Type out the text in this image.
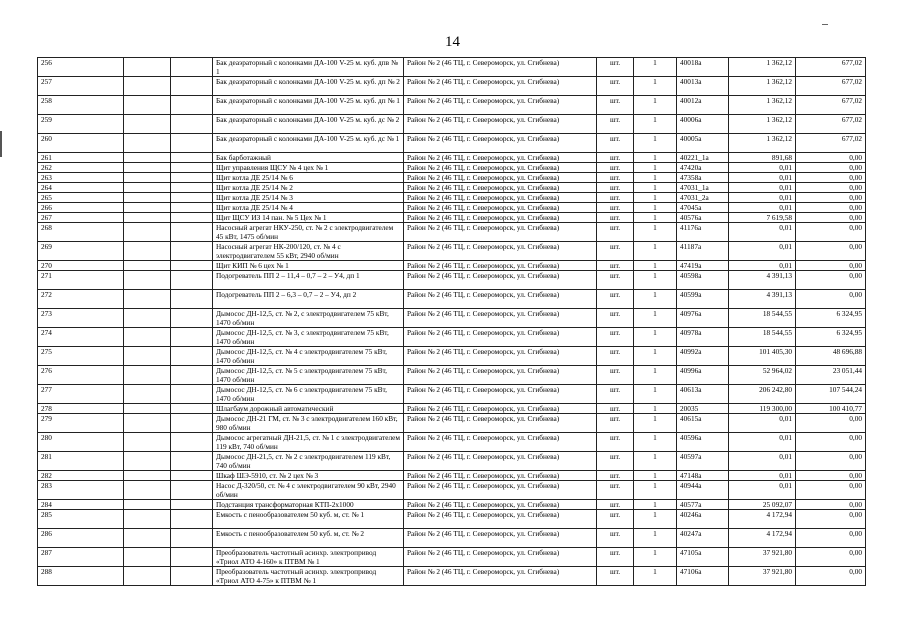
14
256			Бак деаэраторный с колонками ДА-100 V-25 м. куб. дпв № 1	Район № 2 (46 ТЦ, г. Североморск, ул. Сгибнева)	шт.	1	40018а	1 362,12	677,02
257			Бак деаэраторный с колонками ДА-100 V-25 м. куб. дп № 2	Район № 2 (46 ТЦ, г. Североморск, ул. Сгибнева)	шт.	1	40013а	1 362,12	677,02
258			Бак деаэраторный с колонками ДА-100 V-25 м. куб. дп № 1	Район № 2 (46 ТЦ, г. Североморск, ул. Сгибнева)	шт.	1	40012а	1 362,12	677,02
259			Бак деаэраторный с колонками ДА-100 V-25 м. куб. дс № 2	Район № 2 (46 ТЦ, г. Североморск, ул. Сгибнева)	шт.	1	40006а	1 362,12	677,02
260			Бак деаэраторный с колонками ДА-100 V-25 м. куб. дс № 1	Район № 2 (46 ТЦ, г. Североморск, ул. Сгибнева)	шт.	1	40005а	1 362,12	677,02
261			Бак барботажный	Район № 2 (46 ТЦ, г. Североморск, ул. Сгибнева)	шт.	1	40221_1а	891,68	0,00
262			Щит управления ЩСУ № 4 цех № 1	Район № 2 (46 ТЦ, г. Североморск, ул. Сгибнева)	шт.	1	47420а	0,01	0,00
263			Щит котла ДЕ 25/14 № 6	Район № 2 (46 ТЦ, г. Североморск, ул. Сгибнева)	шт.	1	47358а	0,01	0,00
264			Щит котла ДЕ 25/14 № 2	Район № 2 (46 ТЦ, г. Североморск, ул. Сгибнева)	шт.	1	47031_1а	0,01	0,00
265			Щит котла ДЕ 25/14 № 3	Район № 2 (46 ТЦ, г. Североморск, ул. Сгибнева)	шт.	1	47031_2а	0,01	0,00
266			Щит котла ДЕ 25/14 № 4	Район № 2 (46 ТЦ, г. Североморск, ул. Сгибнева)	шт.	1	47045а	0,01	0,00
267			Щит ЩСУ ИЗ 14 пан. № 5 Цех № 1	Район № 2 (46 ТЦ, г. Североморск, ул. Сгибнева)	шт.	1	40576а	7 619,58	0,00
268			Насосный агрегат НКУ-250, ст. № 2 с электродвигателем 45 кВт, 1475 об/мин	Район № 2 (46 ТЦ, г. Североморск, ул. Сгибнева)	шт.	1	41176а	0,01	0,00
269			Насосный агрегат НК-200/120, ст. № 4 с электродвигателем 55 кВт, 2940 об/мин	Район № 2 (46 ТЦ, г. Североморск, ул. Сгибнева)	шт.	1	41187а	0,01	0,00
270			Щит КИП № 6 цех № 1	Район № 2 (46 ТЦ, г. Североморск, ул. Сгибнева)	шт.	1	47419а	0,01	0,00
271			Подогреватель ПП 2 – 11,4 – 0,7 – 2 – У4, дп 1	Район № 2 (46 ТЦ, г. Североморск, ул. Сгибнева)	шт.	1	40598а	4 391,13	0,00
272			Подогреватель ПП 2 – 6,3 – 0,7 – 2 – У4, дп 2	Район № 2 (46 ТЦ, г. Североморск, ул. Сгибнева)	шт.	1	40599а	4 391,13	0,00
273			Дымосос ДН-12,5, ст. № 2, с электродвигателем 75 кВт, 1470 об/мин	Район № 2 (46 ТЦ, г. Североморск, ул. Сгибнева)	шт.	1	40976а	18 544,55	6 324,95
274			Дымосос ДН-12,5, ст. № 3, с электродвигателем 75 кВт, 1470 об/мин	Район № 2 (46 ТЦ, г. Североморск, ул. Сгибнева)	шт.	1	40978а	18 544,55	6 324,95
275			Дымосос ДН-12,5, ст. № 4 с электродвигателем 75 кВт, 1470 об/мин	Район № 2 (46 ТЦ, г. Североморск, ул. Сгибнева)	шт.	1	40992а	101 405,30	48 696,88
276			Дымосос ДН-12,5, ст. № 5 с электродвигателем 75 кВт, 1470 об/мин	Район № 2 (46 ТЦ, г. Североморск, ул. Сгибнева)	шт.	1	40996а	52 964,02	23 051,44
277			Дымосос ДН-12,5, ст. № 6 с электродвигателем 75 кВт, 1470 об/мин	Район № 2 (46 ТЦ, г. Североморск, ул. Сгибнева)	шт.	1	40613а	206 242,80	107 544,24
278			Шлагбаум дорожный автоматический	Район № 2 (46 ТЦ, г. Североморск, ул. Сгибнева)	шт.	1	20035	119 300,00	100 410,77
279			Дымосос ДН-21 ГМ, ст. № 3 с электродвигателем 160 кВт, 980 об/мин	Район № 2 (46 ТЦ, г. Североморск, ул. Сгибнева)	шт.	1	40615а	0,01	0,00
280			Дымосос агрегатный ДН-21,5, ст. № 1 с электродвигателем 119 кВт, 740 об/мин	Район № 2 (46 ТЦ, г. Североморск, ул. Сгибнева)	шт.	1	40596а	0,01	0,00
281			Дымосос ДН-21,5, ст. № 2 с электродвигателем 119 кВт, 740 об/мин	Район № 2 (46 ТЦ, г. Североморск, ул. Сгибнева)	шт.	1	40597а	0,01	0,00
282			Шкаф ШЭ-5910, ст. № 2 цех № 3	Район № 2 (46 ТЦ, г. Североморск, ул. Сгибнева)	шт.	1	47148а	0,01	0,00
283			Насос Д-320/50, ст. № 4 с электродвигателем 90 кВт, 2940 об/мин	Район № 2 (46 ТЦ, г. Североморск, ул. Сгибнева)	шт.	1	40944а	0,01	0,00
284			Подстанция трансформаторная КТП-2х1000	Район № 2 (46 ТЦ, г. Североморск, ул. Сгибнева)	шт.	1	40577а	25 092,07	0,00
285			Емкость с пенообразователем 50 куб. м, ст. № 1	Район № 2 (46 ТЦ, г. Североморск, ул. Сгибнева)	шт.	1	40246а	4 172,94	0,00
286			Емкость с пенообразователем 50 куб. м, ст. № 2	Район № 2 (46 ТЦ, г. Североморск, ул. Сгибнева)	шт.	1	40247а	4 172,94	0,00
287			Преобразователь частотный асинхр. электропривод «Триол АТО 4-160» к ПТВМ № 1	Район № 2 (46 ТЦ, г. Североморск, ул. Сгибнева)	шт.	1	47105а	37 921,80	0,00
288			Преобразователь частотный асинхр. электропривод «Триол АТО 4-75» к ПТВМ № 1	Район № 2 (46 ТЦ, г. Североморск, ул. Сгибнева)	шт.	1	47106а	37 921,80	0,00
